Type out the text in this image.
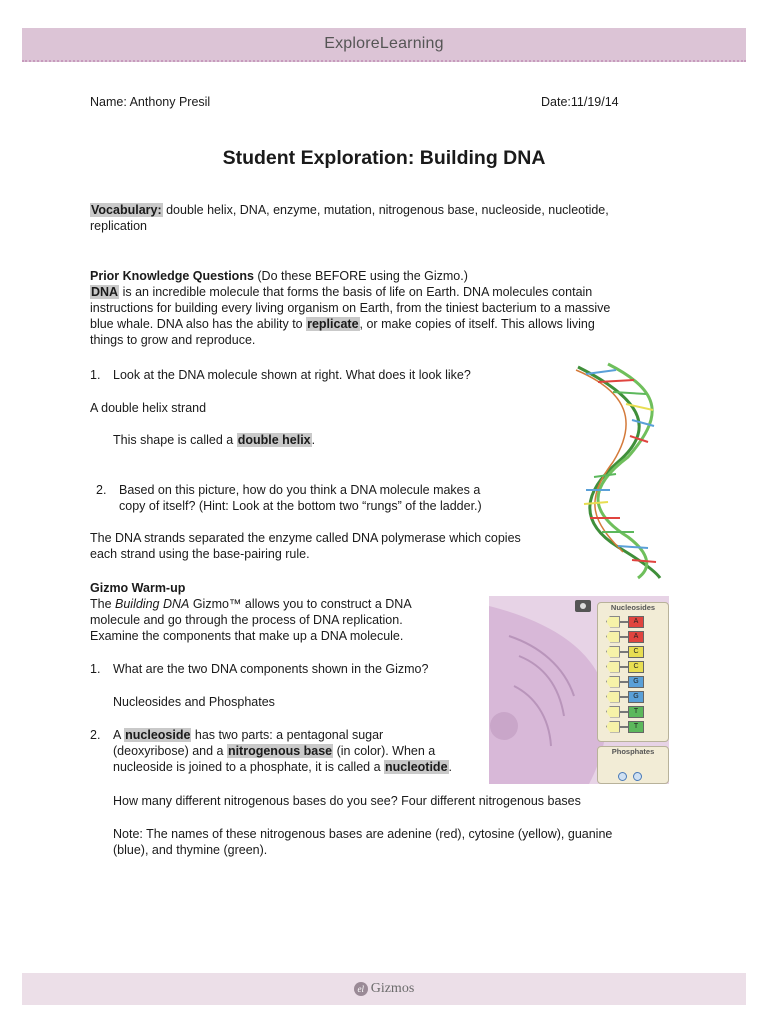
ExploreLearning
Name: Anthony Presil	Date:11/19/14
Student Exploration: Building DNA

Vocabulary: double helix, DNA, enzyme, mutation, nitrogenous base, nucleoside, nucleotide,

replication

Prior Knowledge Questions (Do these BEFORE using the Gizmo.)

DNA is an incredible molecule that forms the basis of life on Earth. DNA molecules contain

instructions for building every living organism on Earth, from the tiniest bacterium to a massive

blue whale. DNA also has the ability to replicate, or make copies of itself. This allows living

things to grow and reproduce.

1. Look at the DNA molecule shown at right. What does it look like?
A double helix strand
This shape is called a double helix.

2. Based on this picture, how do you think a DNA molecule makes a

copy of itself? (Hint: Look at the bottom two “rungs” of the ladder.)

The DNA strands separated the enzyme called DNA polymerase which copies

each strand using the base-pairing rule.

Gizmo Warm-up

The Building DNA Gizmo™ allows you to construct a DNA

molecule and go through the process of DNA replication.

Examine the components that make up a DNA molecule.

1. What are the two DNA components shown in the Gizmo?
Nucleosides and Phosphates

2. A nucleoside has two parts: a pentagonal sugar

(deoxyribose) and a nitrogenous base (in color). When a

nucleoside is joined to a phosphate, it is called a nucleotide.

How many different nitrogenous bases do you see? Four different nitrogenous bases

Note: The names of these nitrogenous bases are adenine (red), cytosine (yellow), guanine

(blue), and thymine (green).

Nucleosides
A
A
C
C
G
G
T
T
Phosphates

el Gizmos
